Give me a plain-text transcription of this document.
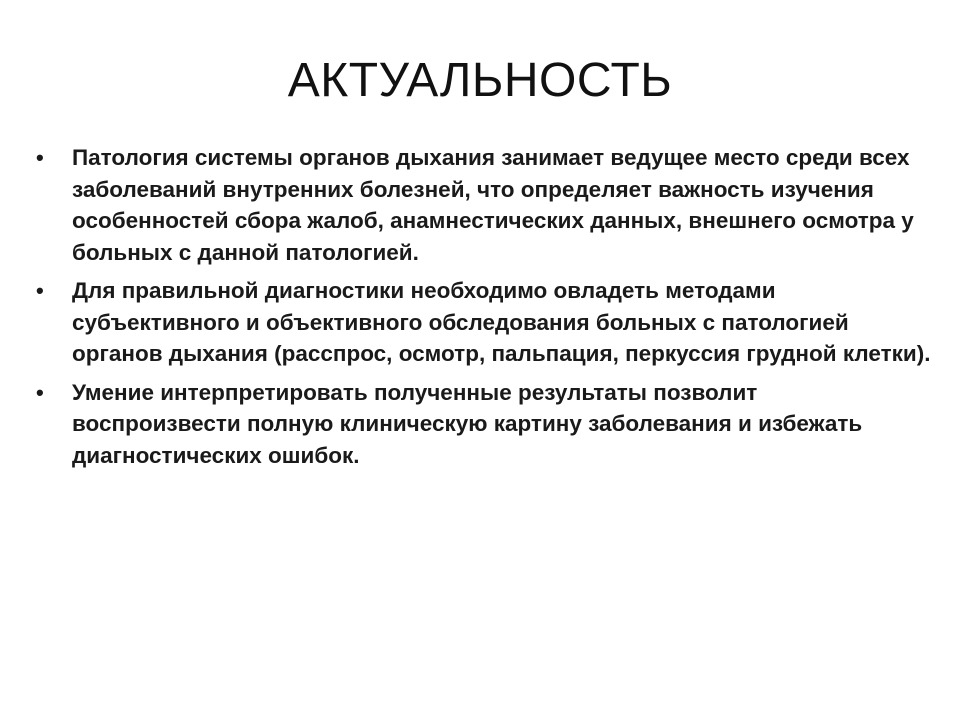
АКТУАЛЬНОСТЬ
•	Патология системы органов дыхания занимает ведущее место среди всех заболеваний внутренних болезней, что определяет важность изучения особенностей сбора жалоб, анамнестических данных, внешнего осмотра у больных с данной патологией.
•	Для правильной диагностики необходимо овладеть методами субъективного и объективного обследования больных с патологией органов дыхания (расспрос, осмотр, пальпация, перкуссия грудной клетки).
•	Умение интерпретировать полученные результаты позволит воспроизвести полную клиническую картину заболевания и избежать диагностических ошибок.
